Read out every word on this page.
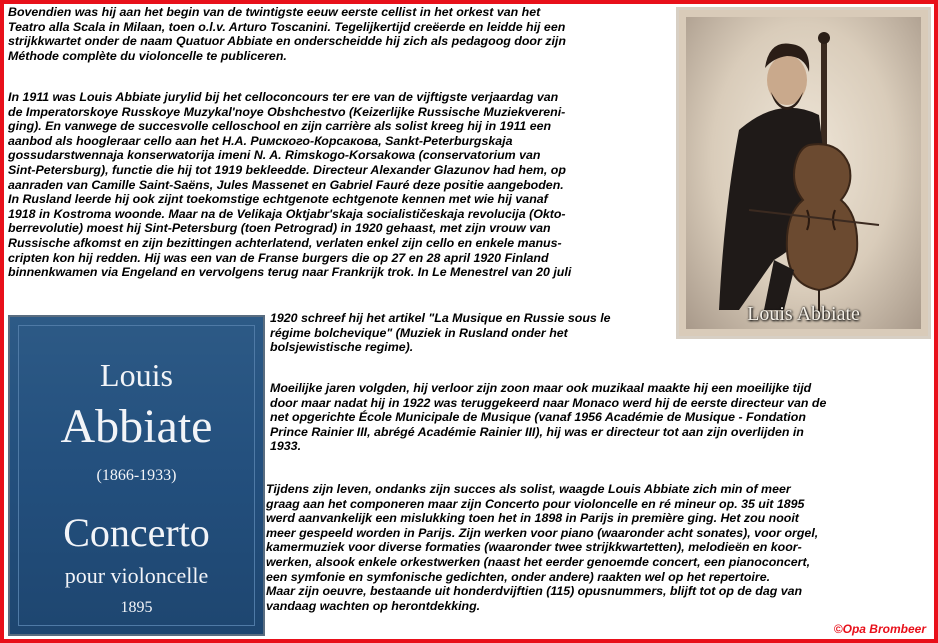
Bovendien was hij aan het begin van de twintigste eeuw eerste cellist in het orkest van het
Teatro alla Scala in Milaan, toen o.l.v. Arturo Toscanini. Tegelijkertijd creëerde en leidde hij een
strijkkwartet onder de naam Quatuor Abbiate en onderscheidde hij zich als pedagoog door zijn
Méthode complète du violoncelle te publiceren.
In 1911 was Louis Abbiate jurylid bij het celloconcours ter ere van de vijftigste verjaardag van
de Imperatorskoye Russkoye Muzykal'noye Obshchestvo (Keizerlijke Russische Muziekvereni-
ging). En vanwege de succesvolle celloschool en zijn carrière als solist kreeg hij in 1911 een
aanbod als hoogleraar cello aan het H.A. Римского-Корсакова, Sankt-Peterburgskaja
gossudarstwennaja konserwatorija imeni N. A. Rimskogo-Korsakowa (conservatorium van
Sint-Petersburg), functie die hij tot 1919 bekleedde. Directeur Alexander Glazunov had hem, op
aanraden van Camille Saint-Saëns, Jules Massenet en Gabriel Fauré deze positie aangeboden.
In Rusland leerde hij ook zijnt toekomstige echtgenote echtgenote kennen met wie hij vanaf
1918 in Kostroma woonde. Maar na de Velikaja Oktjabr'skaja socialističeskaja revolucija (Okto-
berrevolutie) moest hij Sint-Petersburg (toen Petrograd) in 1920 gehaast, met zijn vrouw van
Russische afkomst en zijn bezittingen achterlatend, verlaten enkel zijn cello en enkele manus-
cripten kon hij redden. Hij was een van de Franse burgers die op 27 en 28 april 1920 Finland
binnenkwamen via Engeland en vervolgens terug naar Frankrijk trok. In Le Menestrel van 20 juli
1920 schreef hij het artikel "La Musique en Russie sous le
régime bolchevique" (Muziek in Rusland onder het
bolsjewistische regime).
Moeilijke jaren volgden, hij verloor zijn zoon maar ook muzikaal maakte hij een moeilijke tijd
door maar nadat hij in 1922 was teruggekeerd naar Monaco werd hij de eerste directeur van de
net opgerichte École Municipale de Musique (vanaf 1956 Académie de Musique - Fondation
Prince Rainier III, abrégé Académie Rainier III), hij was er directeur tot aan zijn overlijden in
1933.
Tijdens zijn leven, ondanks zijn succes als solist, waagde Louis Abbiate zich min of meer
graag aan het componeren maar zijn Concerto pour violoncelle en ré mineur op. 35 uit 1895
werd aanvankelijk een mislukking toen het in 1898 in Parijs in première ging. Het zou nooit
meer gespeeld worden in Parijs. Zijn werken voor piano (waaronder acht sonates), voor orgel,
kamermuziek voor diverse formaties (waaronder twee strijkkwartetten), melodieën en koor-
werken, alsook enkele orkestwerken (naast het eerder genoemde concert, een pianoconcert,
een symfonie en symfonische gedichten, onder andere) raakten wel op het repertoire.
Maar zijn oeuvre, bestaande uit honderdvijftien (115) opusnummers, blijft tot op de dag van
vandaag wachten op herontdekking.
Louis Abbiate
Louis
Abbiate
(1866-1933)
Concerto
pour violoncelle
1895
©Opa Brombeer
